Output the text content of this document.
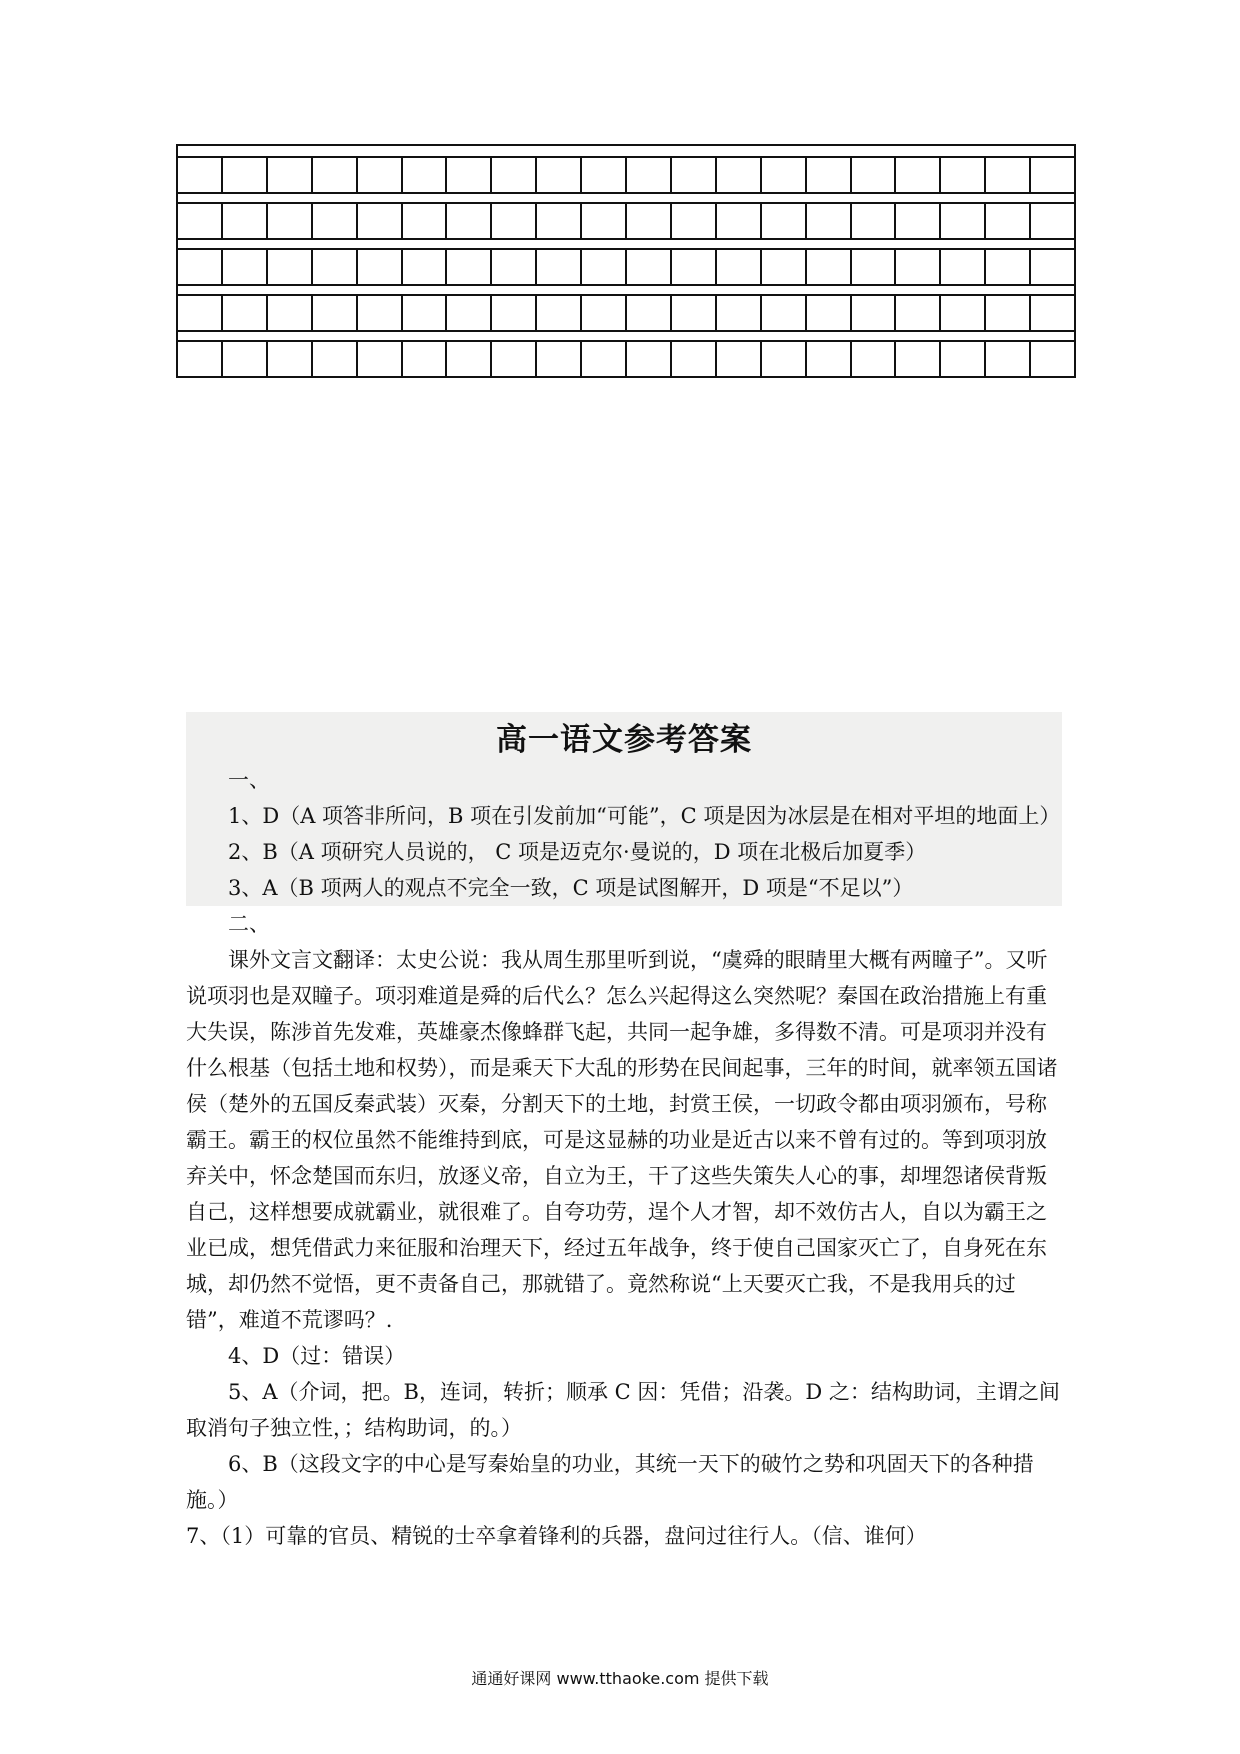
高一语文参考答案

一、

1、D（A 项答非所问，B 项在引发前加“可能”，C 项是因为冰层是在相对平坦的地面上）

2、B（A 项研究人员说的， C 项是迈克尔·曼说的，D 项在北极后加夏季）

3、A（B 项两人的观点不完全一致，C 项是试图解开，D 项是“不足以”）

二、

课外文言文翻译：太史公说：我从周生那里听到说，“虞舜的眼睛里大概有两瞳子”。又听说项羽也是双瞳子。项羽难道是舜的后代么？怎么兴起得这么突然呢？秦国在政治措施上有重大失误，陈涉首先发难，英雄豪杰像蜂群飞起，共同一起争雄，多得数不清。可是项羽并没有什么根基（包括土地和权势），而是乘天下大乱的形势在民间起事，三年的时间，就率领五国诸侯（楚外的五国反秦武装）灭秦，分割天下的土地，封赏王侯，一切政令都由项羽颁布，号称霸王。霸王的权位虽然不能维持到底，可是这显赫的功业是近古以来不曾有过的。等到项羽放弃关中，怀念楚国而东归，放逐义帝，自立为王，干了这些失策失人心的事，却埋怨诸侯背叛自己，这样想要成就霸业，就很难了。自夸功劳，逞个人才智，却不效仿古人，自以为霸王之业已成，想凭借武力来征服和治理天下，经过五年战争，终于使自己国家灭亡了，自身死在东城，却仍然不觉悟，更不责备自己，那就错了。竟然称说“上天要灭亡我，不是我用兵的过错”，难道不荒谬吗？.

4、D（过：错误）

5、A（介词，把。B，连词，转折；顺承 C 因：凭借；沿袭。D 之：结构助词，主谓之间取消句子独立性，；结构助词，的。）

6、B（这段文字的中心是写秦始皇的功业，其统一天下的破竹之势和巩固天下的各种措施。）

7、（1）可靠的官员、精锐的士卒拿着锋利的兵器，盘问过往行人。（信、谁何）

通通好课网 www.tthaoke.com 提供下载
